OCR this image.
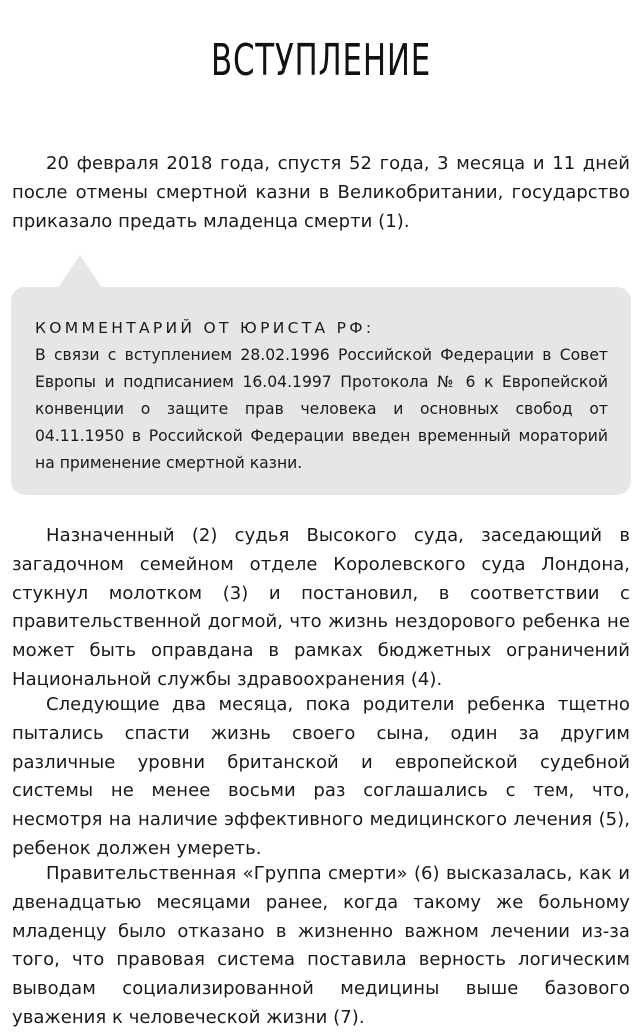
ВСТУПЛЕНИЕ

20 февраля 2018 года, спустя 52 года, 3 месяца и 11 дней после отмены смертной казни в Великобритании, государство приказало предать младенца смерти (1).

КОММЕНТАРИЙ ОТ ЮРИСТА РФ:
В связи с вступлением 28.02.1996 Российской Федерации в Совет Европы и подписанием 16.04.1997 Протокола № 6 к Европейской конвенции о защите прав человека и основных свобод от 04.11.1950 в Российской Федерации введен временный мораторий на применение смертной казни.

Назначенный (2) судья Высокого суда, заседающий в загадочном семейном отделе Королевского суда Лондона, стукнул молотком (3) и постановил, в соответствии с правительственной догмой, что жизнь нездорового ребенка не может быть оправдана в рамках бюджетных ограничений Национальной службы здравоохранения (4).

Следующие два месяца, пока родители ребенка тщетно пытались спасти жизнь своего сына, один за другим различные уровни британской и европейской судебной системы не менее восьми раз соглашались с тем, что, несмотря на наличие эффективного медицинского лечения (5), ребенок должен умереть.

Правительственная «Группа смерти» (6) высказалась, как и двенадцатью месяцами ранее, когда такому же больному младенцу было отказано в жизненно важном лечении из-за того, что правовая система поставила верность логическим выводам социализированной медицины выше базового уважения к человеческой жизни (7).
